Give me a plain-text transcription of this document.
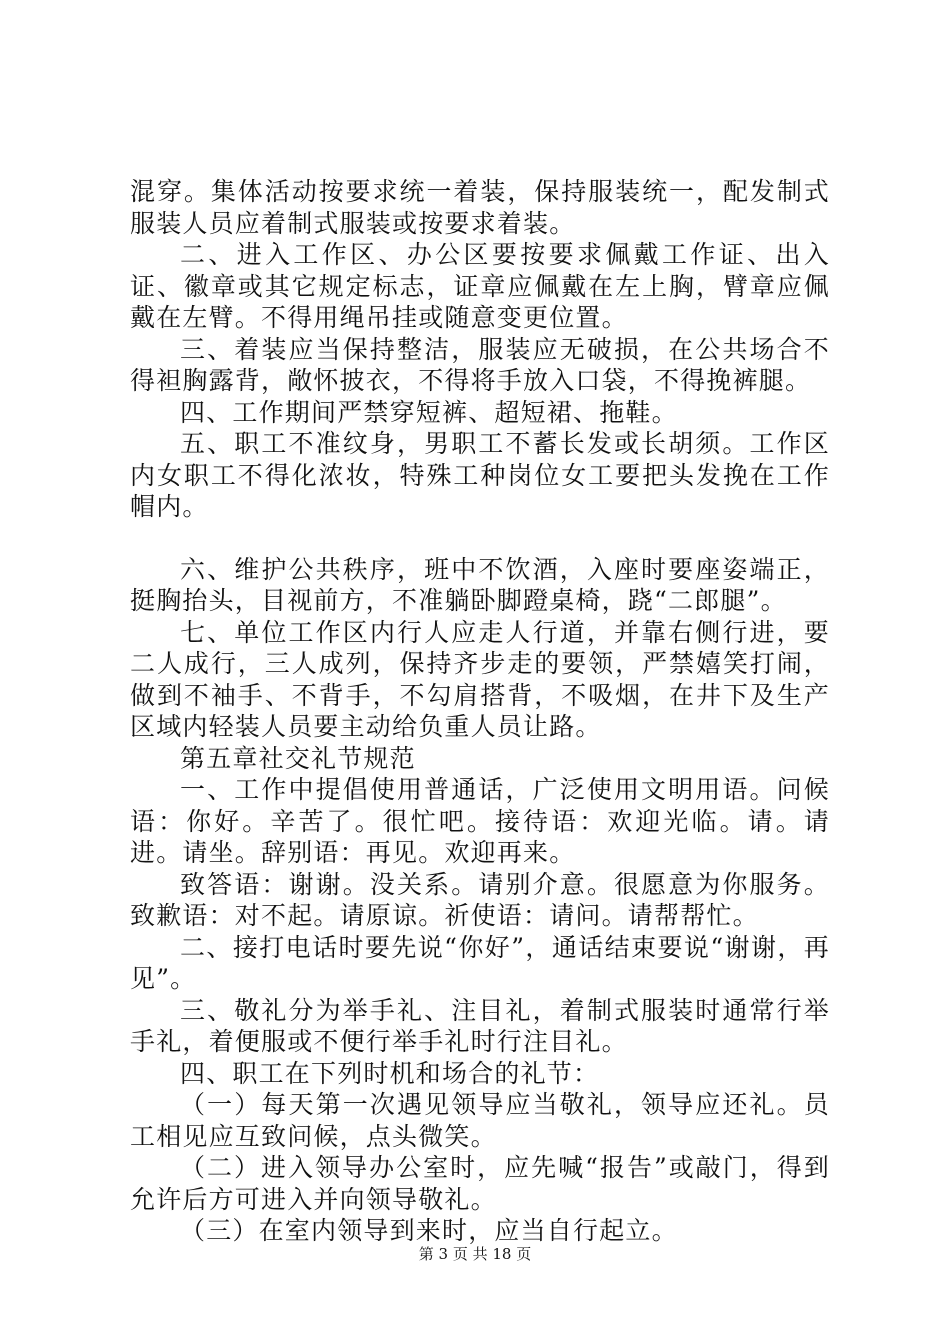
混穿。集体活动按要求统一着装，保持服装统一，配发制式服装人员应着制式服装或按要求着装。

二、进入工作区、办公区要按要求佩戴工作证、出入证、徽章或其它规定标志，证章应佩戴在左上胸，臂章应佩戴在左臂。不得用绳吊挂或随意变更位置。

三、着装应当保持整洁，服装应无破损，在公共场合不得袒胸露背，敞怀披衣，不得将手放入口袋，不得挽裤腿。

四、工作期间严禁穿短裤、超短裙、拖鞋。

五、职工不准纹身，男职工不蓄长发或长胡须。工作区内女职工不得化浓妆，特殊工种岗位女工要把头发挽在工作帽内。

六、维护公共秩序，班中不饮酒，入座时要座姿端正，挺胸抬头，目视前方，不准躺卧脚蹬桌椅，跷“二郎腿”。

七、单位工作区内行人应走人行道，并靠右侧行进，要二人成行，三人成列，保持齐步走的要领，严禁嬉笑打闹，做到不袖手、不背手，不勾肩搭背，不吸烟，在井下及生产区域内轻装人员要主动给负重人员让路。

第五章社交礼节规范

一、工作中提倡使用普通话，广泛使用文明用语。问候语：你好。辛苦了。很忙吧。接待语：欢迎光临。请。请进。请坐。辞别语：再见。欢迎再来。

致答语：谢谢。没关系。请别介意。很愿意为你服务。致歉语：对不起。请原谅。祈使语：请问。请帮帮忙。

二、接打电话时要先说“你好”，通话结束要说“谢谢，再见”。

三、敬礼分为举手礼、注目礼，着制式服装时通常行举手礼，着便服或不便行举手礼时行注目礼。

四、职工在下列时机和场合的礼节：

（一）每天第一次遇见领导应当敬礼，领导应还礼。员工相见应互致问候，点头微笑。

（二）进入领导办公室时，应先喊“报告”或敲门，得到允许后方可进入并向领导敬礼。

（三）在室内领导到来时，应当自行起立。

第 3 页 共 18 页
